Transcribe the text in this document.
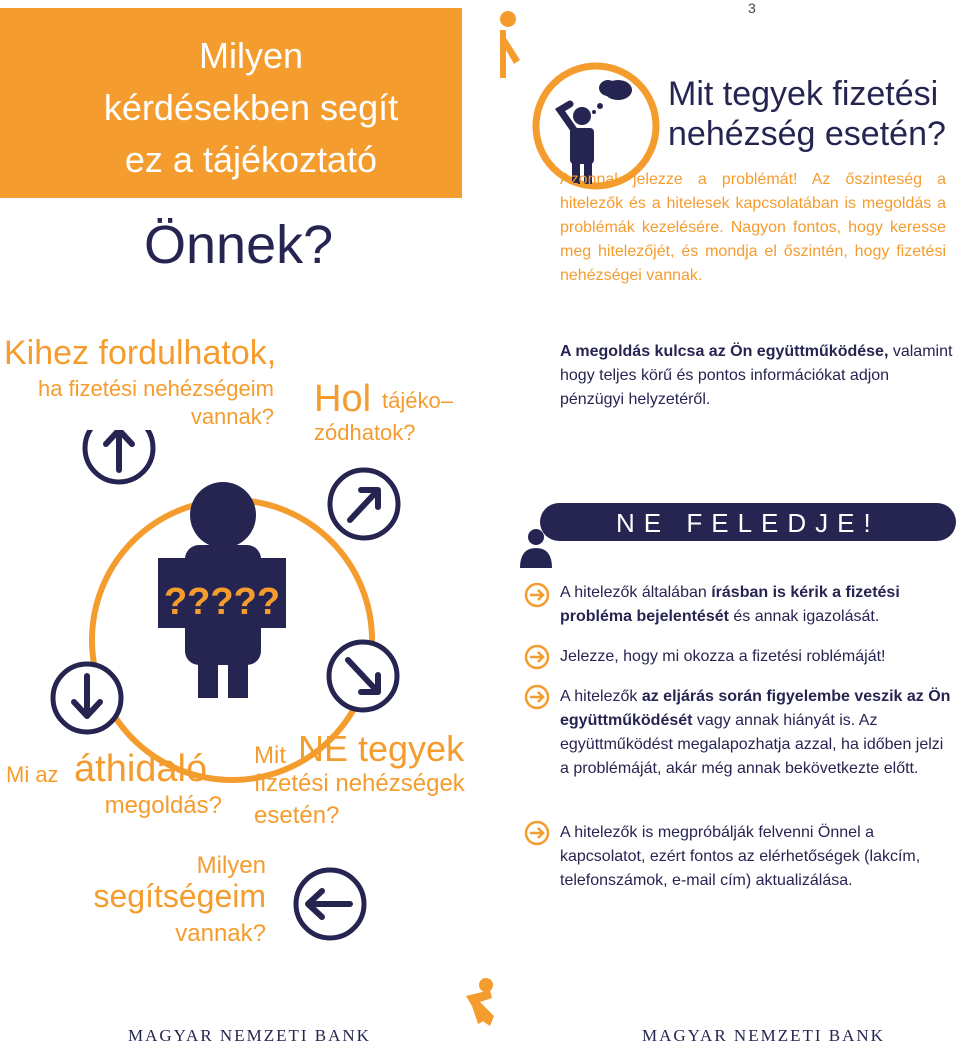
3
Milyen
kérdésekben segít
ez a tájékoztató
Önnek?
Kihez fordulhatok,
ha fizetési nehézségeim
vannak? Hol tájéko–
zódhatok?
Mi az áthidaló
megoldás?
Milyen
segítségeim
vannak?
Mit NE tegyek
fizetési nehézségek
esetén?
?????
Mit tegyek fizetési
nehézség esetén?
Azonnal jelezze a problémát! Az őszinteség a hitelezők és a hitelesek kapcsolatában is megoldás a problémák kezelésére. Nagyon fontos, hogy keresse meg hitelezőjét, és mondja el őszintén, hogy fizetési nehézségei vannak.
A megoldás kulcsa az Ön együttműködése, valamint hogy teljes körű és pontos információkat adjon pénzügyi helyzetéről.
NE FELEDJE!
A hitelezők általában írásban is kérik a fizetési probléma bejelentését és annak igazolását.
Jelezze, hogy mi okozza a fizetési roblémáját!
A hitelezők az eljárás során figyelembe veszik az Ön együttműködését vagy annak hiányát is. Az együttműködést megalapozhatja azzal, ha időben jelzi a problémáját, akár még annak bekövetkezte előtt.
A hitelezők is megpróbálják felvenni Önnel a kapcsolatot, ezért fontos az elérhetőségek (lakcím, telefonszámok, e-mail cím) aktualizálása.
MAGYAR NEMZETI BANK	MAGYAR NEMZETI BANK
